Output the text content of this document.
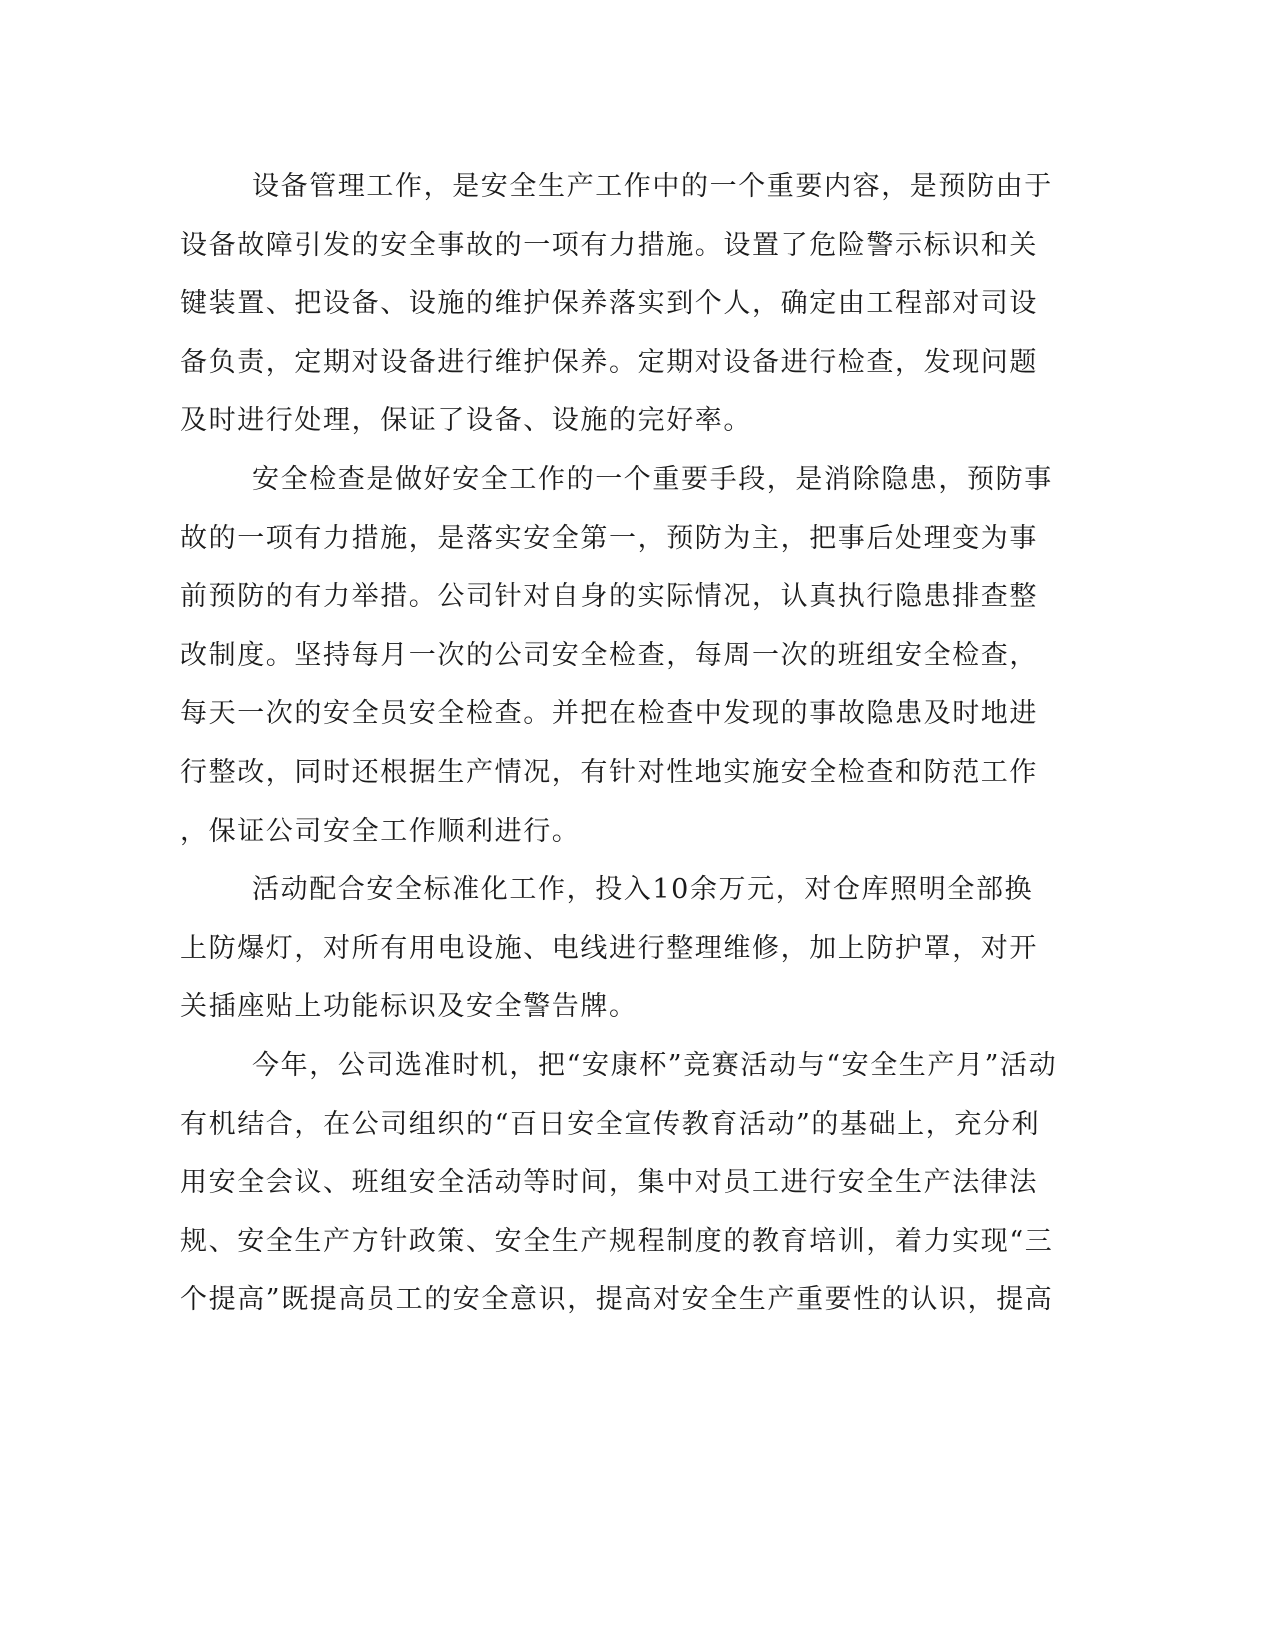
设备管理工作，是安全生产工作中的一个重要内容，是预防由于
设备故障引发的安全事故的一项有力措施。设置了危险警示标识和关
键装置、把设备、设施的维护保养落实到个人，确定由工程部对司设
备负责，定期对设备进行维护保养。定期对设备进行检查，发现问题
及时进行处理，保证了设备、设施的完好率。
安全检查是做好安全工作的一个重要手段，是消除隐患，预防事
故的一项有力措施，是落实安全第一，预防为主，把事后处理变为事
前预防的有力举措。公司针对自身的实际情况，认真执行隐患排查整
改制度。坚持每月一次的公司安全检查，每周一次的班组安全检查，
每天一次的安全员安全检查。并把在检查中发现的事故隐患及时地进
行整改，同时还根据生产情况，有针对性地实施安全检查和防范工作
，保证公司安全工作顺利进行。
活动配合安全标准化工作，投入10余万元，对仓库照明全部换
上防爆灯，对所有用电设施、电线进行整理维修，加上防护罩，对开
关插座贴上功能标识及安全警告牌。
今年，公司选准时机，把“安康杯”竞赛活动与“安全生产月”活动
有机结合，在公司组织的“百日安全宣传教育活动”的基础上，充分利
用安全会议、班组安全活动等时间，集中对员工进行安全生产法律法
规、安全生产方针政策、安全生产规程制度的教育培训，着力实现“三
个提高”既提高员工的安全意识，提高对安全生产重要性的认识，提高
